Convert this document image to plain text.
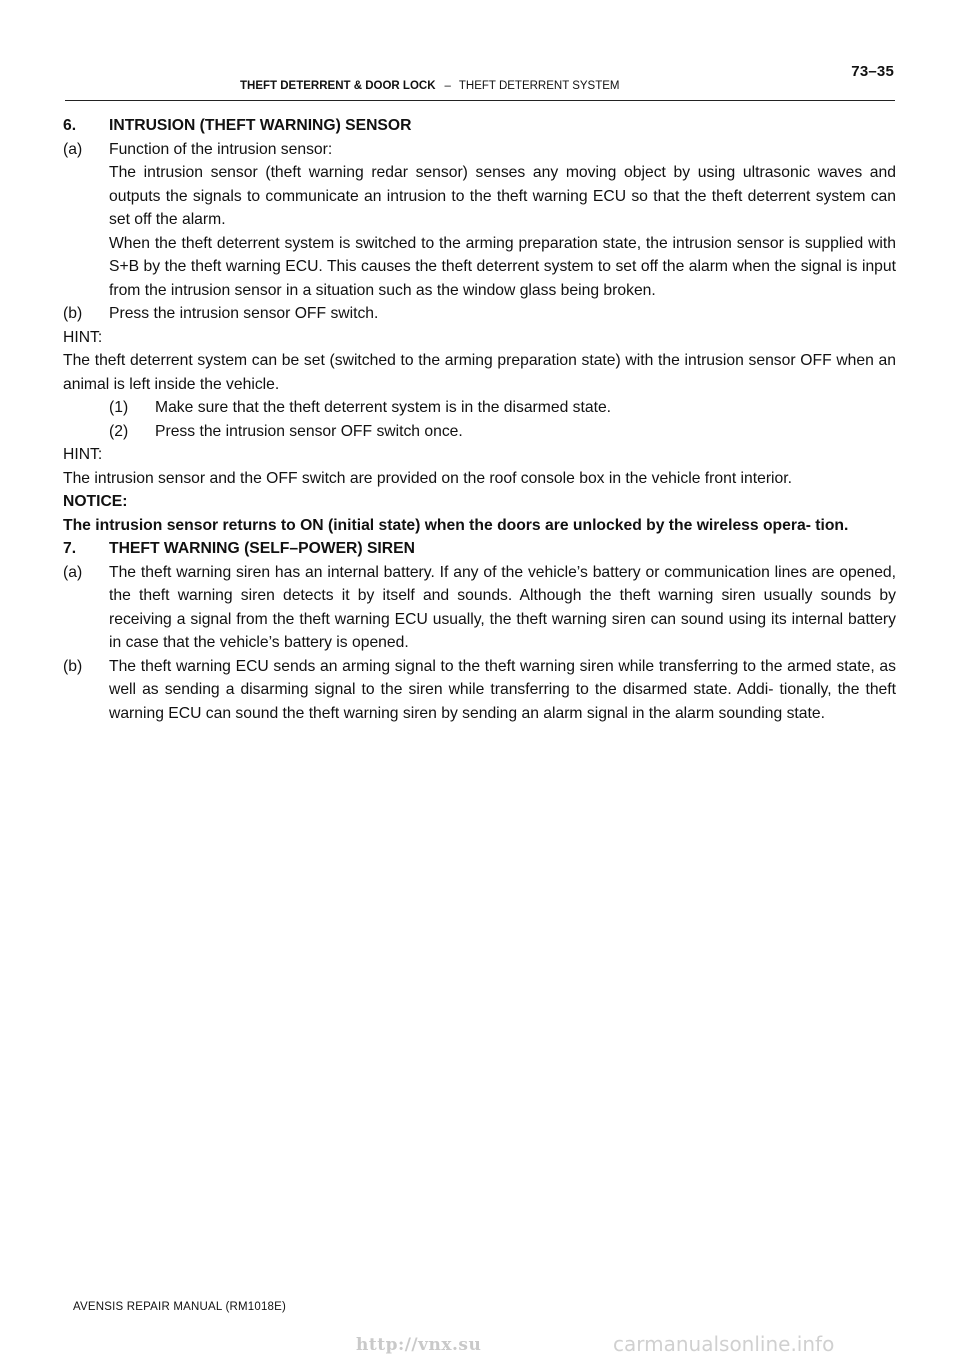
73–35
THEFT DETERRENT & DOOR LOCK – THEFT DETERRENT SYSTEM
6.	INTRUSION (THEFT WARNING) SENSOR
(a)	Function of the intrusion sensor:

The intrusion sensor (theft warning redar sensor) senses any moving object by using ultrasonic waves and outputs the signals to communicate an intrusion to the theft warning ECU so that the theft deterrent system can set off the alarm.

When the theft deterrent system is switched to the arming preparation state, the intrusion sensor is supplied with S+B by the theft warning ECU. This causes the theft deterrent system to set off the alarm when the signal is input from the intrusion sensor in a situation such as the window glass being broken.

(b)	Press the intrusion sensor OFF switch.

HINT:

The theft deterrent system can be set (switched to the arming preparation state) with the intrusion sensor OFF when an animal is left inside the vehicle.

(1)	Make sure that the theft deterrent system is in the disarmed state.
(2)	Press the intrusion sensor OFF switch once.

HINT:

The intrusion sensor and the OFF switch are provided on the roof console box in the vehicle front interior.

NOTICE:

The intrusion sensor returns to ON (initial state) when the doors are unlocked by the wireless opera- tion.

7.	THEFT WARNING (SELF–POWER) SIREN
(a)	The theft warning siren has an internal battery. If any of the vehicle’s battery or communication lines are opened, the theft warning siren detects it by itself and sounds. Although the theft warning siren usually sounds by receiving a signal from the theft warning ECU usually, the theft warning siren can sound using its internal battery in case that the vehicle’s battery is opened.

(b)	The theft warning ECU sends an arming signal to the theft warning siren while transferring to the armed state, as well as sending a disarming signal to the siren while transferring to the disarmed state. Addi- tionally, the theft warning ECU can sound the theft warning siren by sending an alarm signal in the alarm sounding state.

AVENSIS REPAIR MANUAL (RM1018E)
http://vnx.su	carmanualsonline.info
